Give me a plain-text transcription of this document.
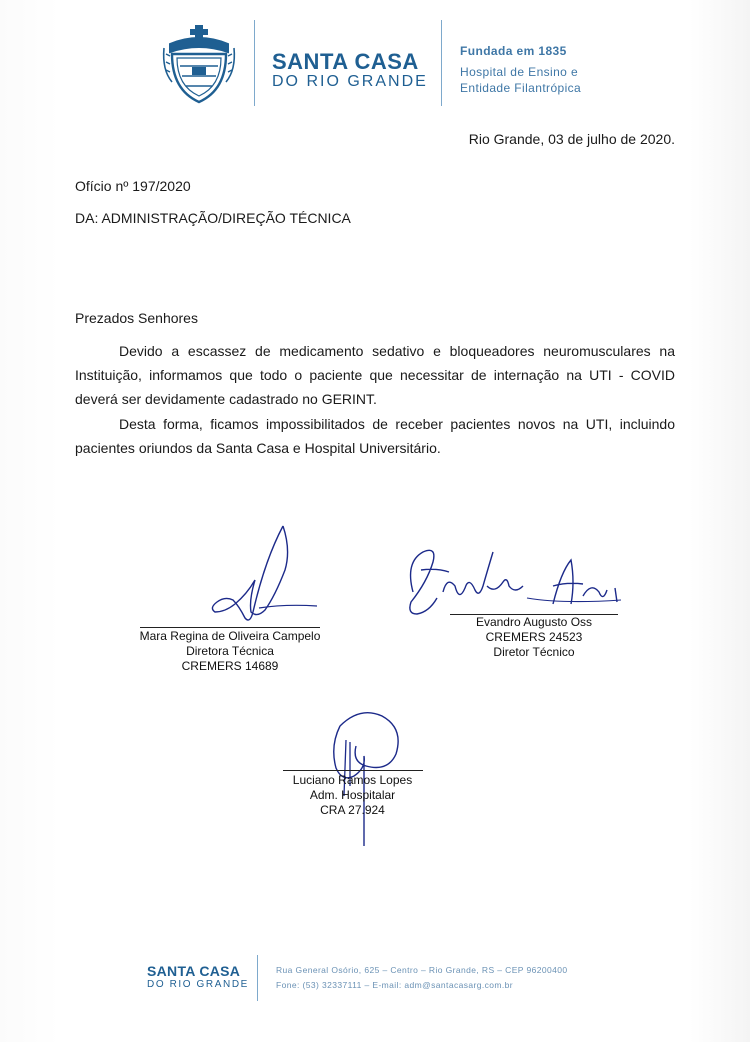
SANTA CASA
DO RIO GRANDE
Fundada em 1835
Hospital de Ensino e
Entidade Filantrópica
Rio Grande, 03 de julho de 2020.
Ofício nº 197/2020
DA: ADMINISTRAÇÃO/DIREÇÃO TÉCNICA
Prezados Senhores
Devido a escassez de medicamento sedativo e bloqueadores neuromusculares na Instituição, informamos que todo o paciente que necessitar de internação na UTI - COVID deverá ser devidamente cadastrado no GERINT.
Desta forma, ficamos impossibilitados de receber pacientes novos na UTI, incluindo pacientes oriundos da Santa Casa e Hospital Universitário.
Mara Regina de Oliveira Campelo
Diretora Técnica
CREMERS 14689
Evandro Augusto Oss
CREMERS 24523
Diretor Técnico
Luciano Ramos Lopes
Adm. Hospitalar
CRA 27.924
SANTA CASA
DO RIO GRANDE
Rua General Osório, 625 – Centro – Rio Grande, RS – CEP 96200400
Fone: (53) 32337111 – E-mail: adm@santacasarg.com.br
